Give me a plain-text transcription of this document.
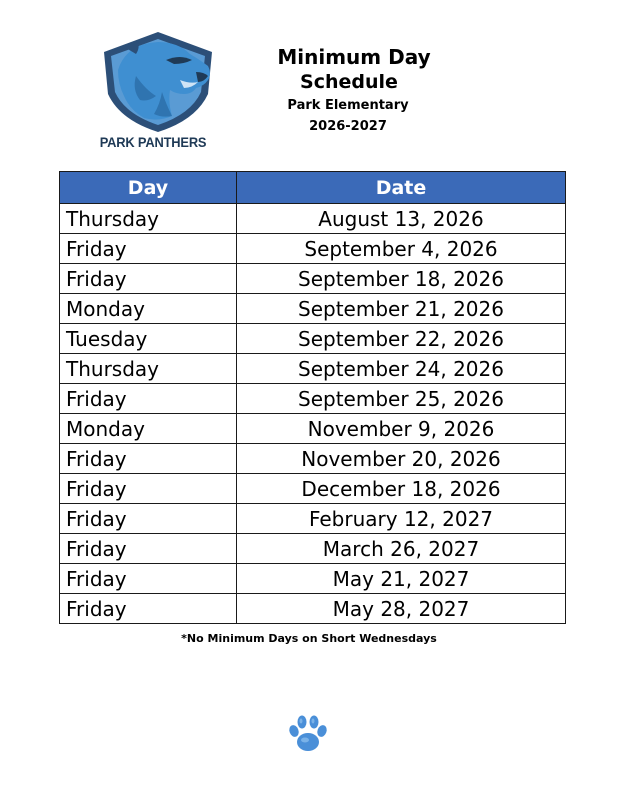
PARK PANTHERS
Minimum Day
Schedule
Park Elementary
2026-2027
Day	Date
Thursday	August 13, 2026
Friday	September 4, 2026
Friday	September 18, 2026
Monday	September 21, 2026
Tuesday	September 22, 2026
Thursday	September 24, 2026
Friday	September 25, 2026
Monday	November 9, 2026
Friday	November 20, 2026
Friday	December 18, 2026
Friday	February 12, 2027
Friday	March 26, 2027
Friday	May 21, 2027
Friday	May 28, 2027
*No Minimum Days on Short Wednesdays
